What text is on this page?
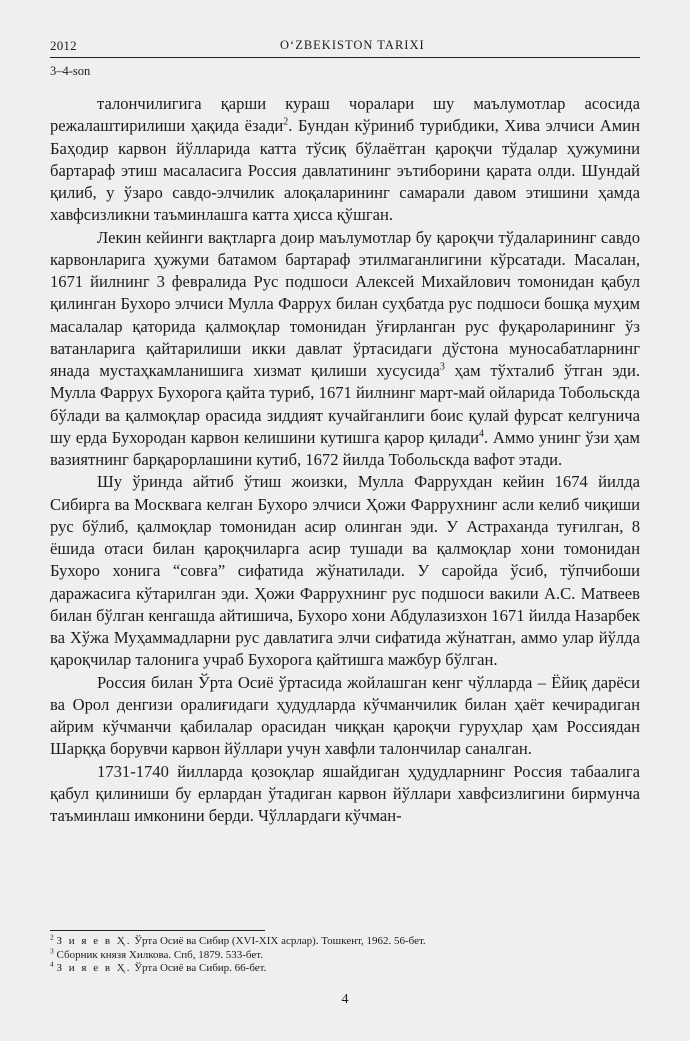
2012	O‘ZBEKISTON TARIXI
3–4-son

талончилигига қарши кураш чоралари шу маълумотлар асосида режалаштирилиши ҳақида ёзади$^2$. Бундан кўриниб турибдики, Хива элчиси Амин Баҳодир карвон йўлларида катта тўсиқ бўлаётган қароқчи тўдалар ҳужумини бартараф этиш масаласига Россия давлатининг эътиборини қарата олди. Шундай қилиб, у ўзаро савдо-элчилик алоқаларининг самарали давом этишини ҳамда хавфсизликни таъминлашга катта ҳисса қўшган.

Лекин кейинги вақтларга доир маълумотлар бу қароқчи тўдаларининг савдо карвонларига ҳужуми батамом бартараф этилмаганлигини кўрсатади. Масалан, 1671 йилнинг 3 февралида Рус подшоси Алексей Михайлович томонидан қабул қилинган Бухоро элчиси Мулла Фаррух билан суҳбатда рус подшоси бошқа муҳим масалалар қаторида қалмоқлар томонидан ўғирланган рус фуқароларининг ўз ватанларига қайтарилиши икки давлат ўртасидаги дўстона муносабатларнинг янада мустаҳкамланишига хизмат қилиши хусусида$^3$ ҳам тўхталиб ўтган эди. Мулла Фаррух Бухорога қайта туриб, 1671 йилнинг март-май ойларида Тобольскда бўлади ва қалмоқлар орасида зиддият кучайганлиги боис қулай фурсат келгунича шу ерда Бухородан карвон келишини кутишга қарор қилади$^4$. Аммо унинг ўзи ҳам вазиятнинг барқарорлашини кутиб, 1672 йилда Тобольскда вафот этади.

Шу ўринда айтиб ўтиш жоизки, Мулла Фаррухдан кейин 1674 йилда Сибирга ва Москвага келган Бухоро элчиси Ҳожи Фаррухнинг асли келиб чиқиши рус бўлиб, қалмоқлар томонидан асир олинган эди. У Астраханда туғилган, 8 ёшида отаси билан қароқчиларга асир тушади ва қалмоқлар хони томонидан Бухоро хонига “совға” сифатида жўнатилади. У саройда ўсиб, тўпчибоши даражасига кўтарилган эди. Ҳожи Фаррухнинг рус подшоси вакили А.С. Матвеев билан бўлган кенгашда айтишича, Бухоро хони Абдулазизхон 1671 йилда Назарбек ва Хўжа Муҳаммадларни рус давлатига элчи сифатида жўнатган, аммо улар йўлда қароқчилар талонига учраб Бухорога қайтишга мажбур бўлган.

Россия билан Ўрта Осиё ўртасида жойлашган кенг чўлларда – Ёйиқ дарёси ва Орол денгизи оралиғидаги ҳудудларда кўчманчилик билан ҳаёт кечирадиган айрим кўчманчи қабилалар орасидан чиққан қароқчи гуруҳлар ҳам Россиядан Шарққа борувчи карвон йўллари учун хавфли талончилар саналган.

1731-1740 йилларда қозоқлар яшайдиган ҳудудларнинг Россия табаалига қабул қилиниши бу ерлардан ўтадиган карвон йўллари хавфсизлигини бирмунча таъминлаш имконини берди. Чўллардаги кўчман-

$^2$ З и я е в Ҳ. Ўрта Осиё ва Сибир (XVI-XIX асрлар). Тошкент, 1962. 56-бет.

$^3$ Сборник князя Хилкова. Спб, 1879. 533-бет.

$^4$ З и я е в Ҳ. Ўрта Осиё ва Сибир. 66-бет.

4
